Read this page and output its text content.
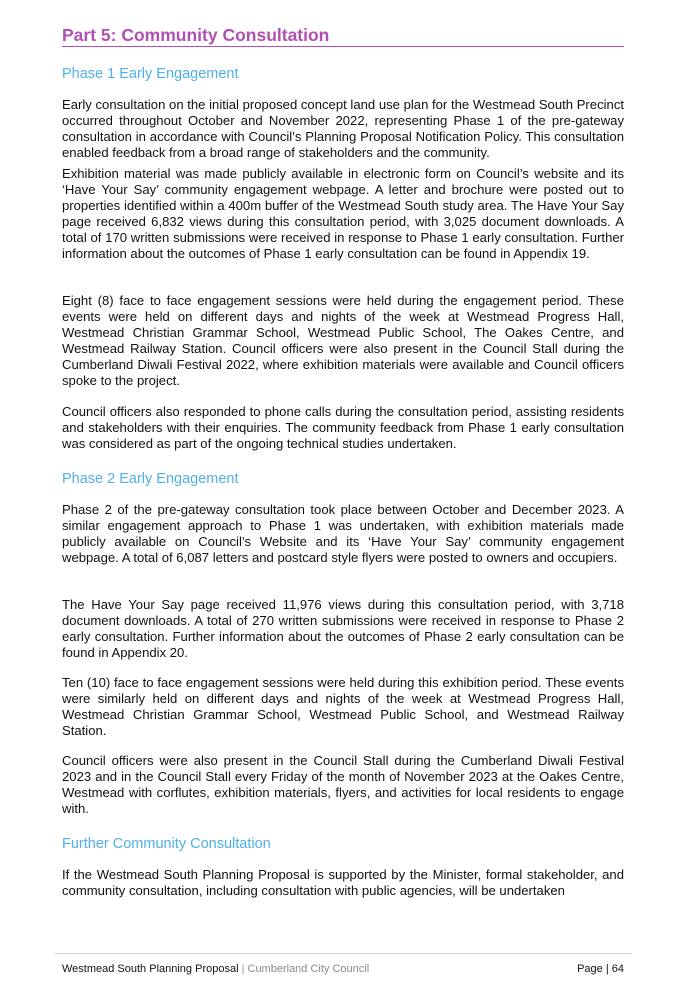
Part 5: Community Consultation
Phase 1 Early Engagement

Early consultation on the initial proposed concept land use plan for the Westmead South Precinct occurred throughout October and November 2022, representing Phase 1 of the pre-gateway consultation in accordance with Council’s Planning Proposal Notification Policy. This consultation enabled feedback from a broad range of stakeholders and the community.

Exhibition material was made publicly available in electronic form on Council’s website and its ‘Have Your Say’ community engagement webpage. A letter and brochure were posted out to properties identified within a 400m buffer of the Westmead South study area. The Have Your Say page received 6,832 views during this consultation period, with 3,025 document downloads. A total of 170 written submissions were received in response to Phase 1 early consultation. Further information about the outcomes of Phase 1 early consultation can be found in Appendix 19.

Eight (8) face to face engagement sessions were held during the engagement period. These events were held on different days and nights of the week at Westmead Progress Hall, Westmead Christian Grammar School, Westmead Public School, The Oakes Centre, and Westmead Railway Station. Council officers were also present in the Council Stall during the Cumberland Diwali Festival 2022, where exhibition materials were available and Council officers spoke to the project.

Council officers also responded to phone calls during the consultation period, assisting residents and stakeholders with their enquiries. The community feedback from Phase 1 early consultation was considered as part of the ongoing technical studies undertaken.

Phase 2 Early Engagement

Phase 2 of the pre-gateway consultation took place between October and December 2023. A similar engagement approach to Phase 1 was undertaken, with exhibition materials made publicly available on Council’s Website and its ‘Have Your Say’ community engagement webpage. A total of 6,087 letters and postcard style flyers were posted to owners and occupiers.

The Have Your Say page received 11,976 views during this consultation period, with 3,718 document downloads. A total of 270 written submissions were received in response to Phase 2 early consultation. Further information about the outcomes of Phase 2 early consultation can be found in Appendix 20.

Ten (10) face to face engagement sessions were held during this exhibition period. These events were similarly held on different days and nights of the week at Westmead Progress Hall, Westmead Christian Grammar School, Westmead Public School, and Westmead Railway Station.

Council officers were also present in the Council Stall during the Cumberland Diwali Festival 2023 and in the Council Stall every Friday of the month of November 2023 at the Oakes Centre, Westmead with corflutes, exhibition materials, flyers, and activities for local residents to engage with.

Further Community Consultation

If the Westmead South Planning Proposal is supported by the Minister, formal stakeholder, and community consultation, including consultation with public agencies, will be undertaken

Westmead South Planning Proposal | Cumberland City Council	Page | 64
